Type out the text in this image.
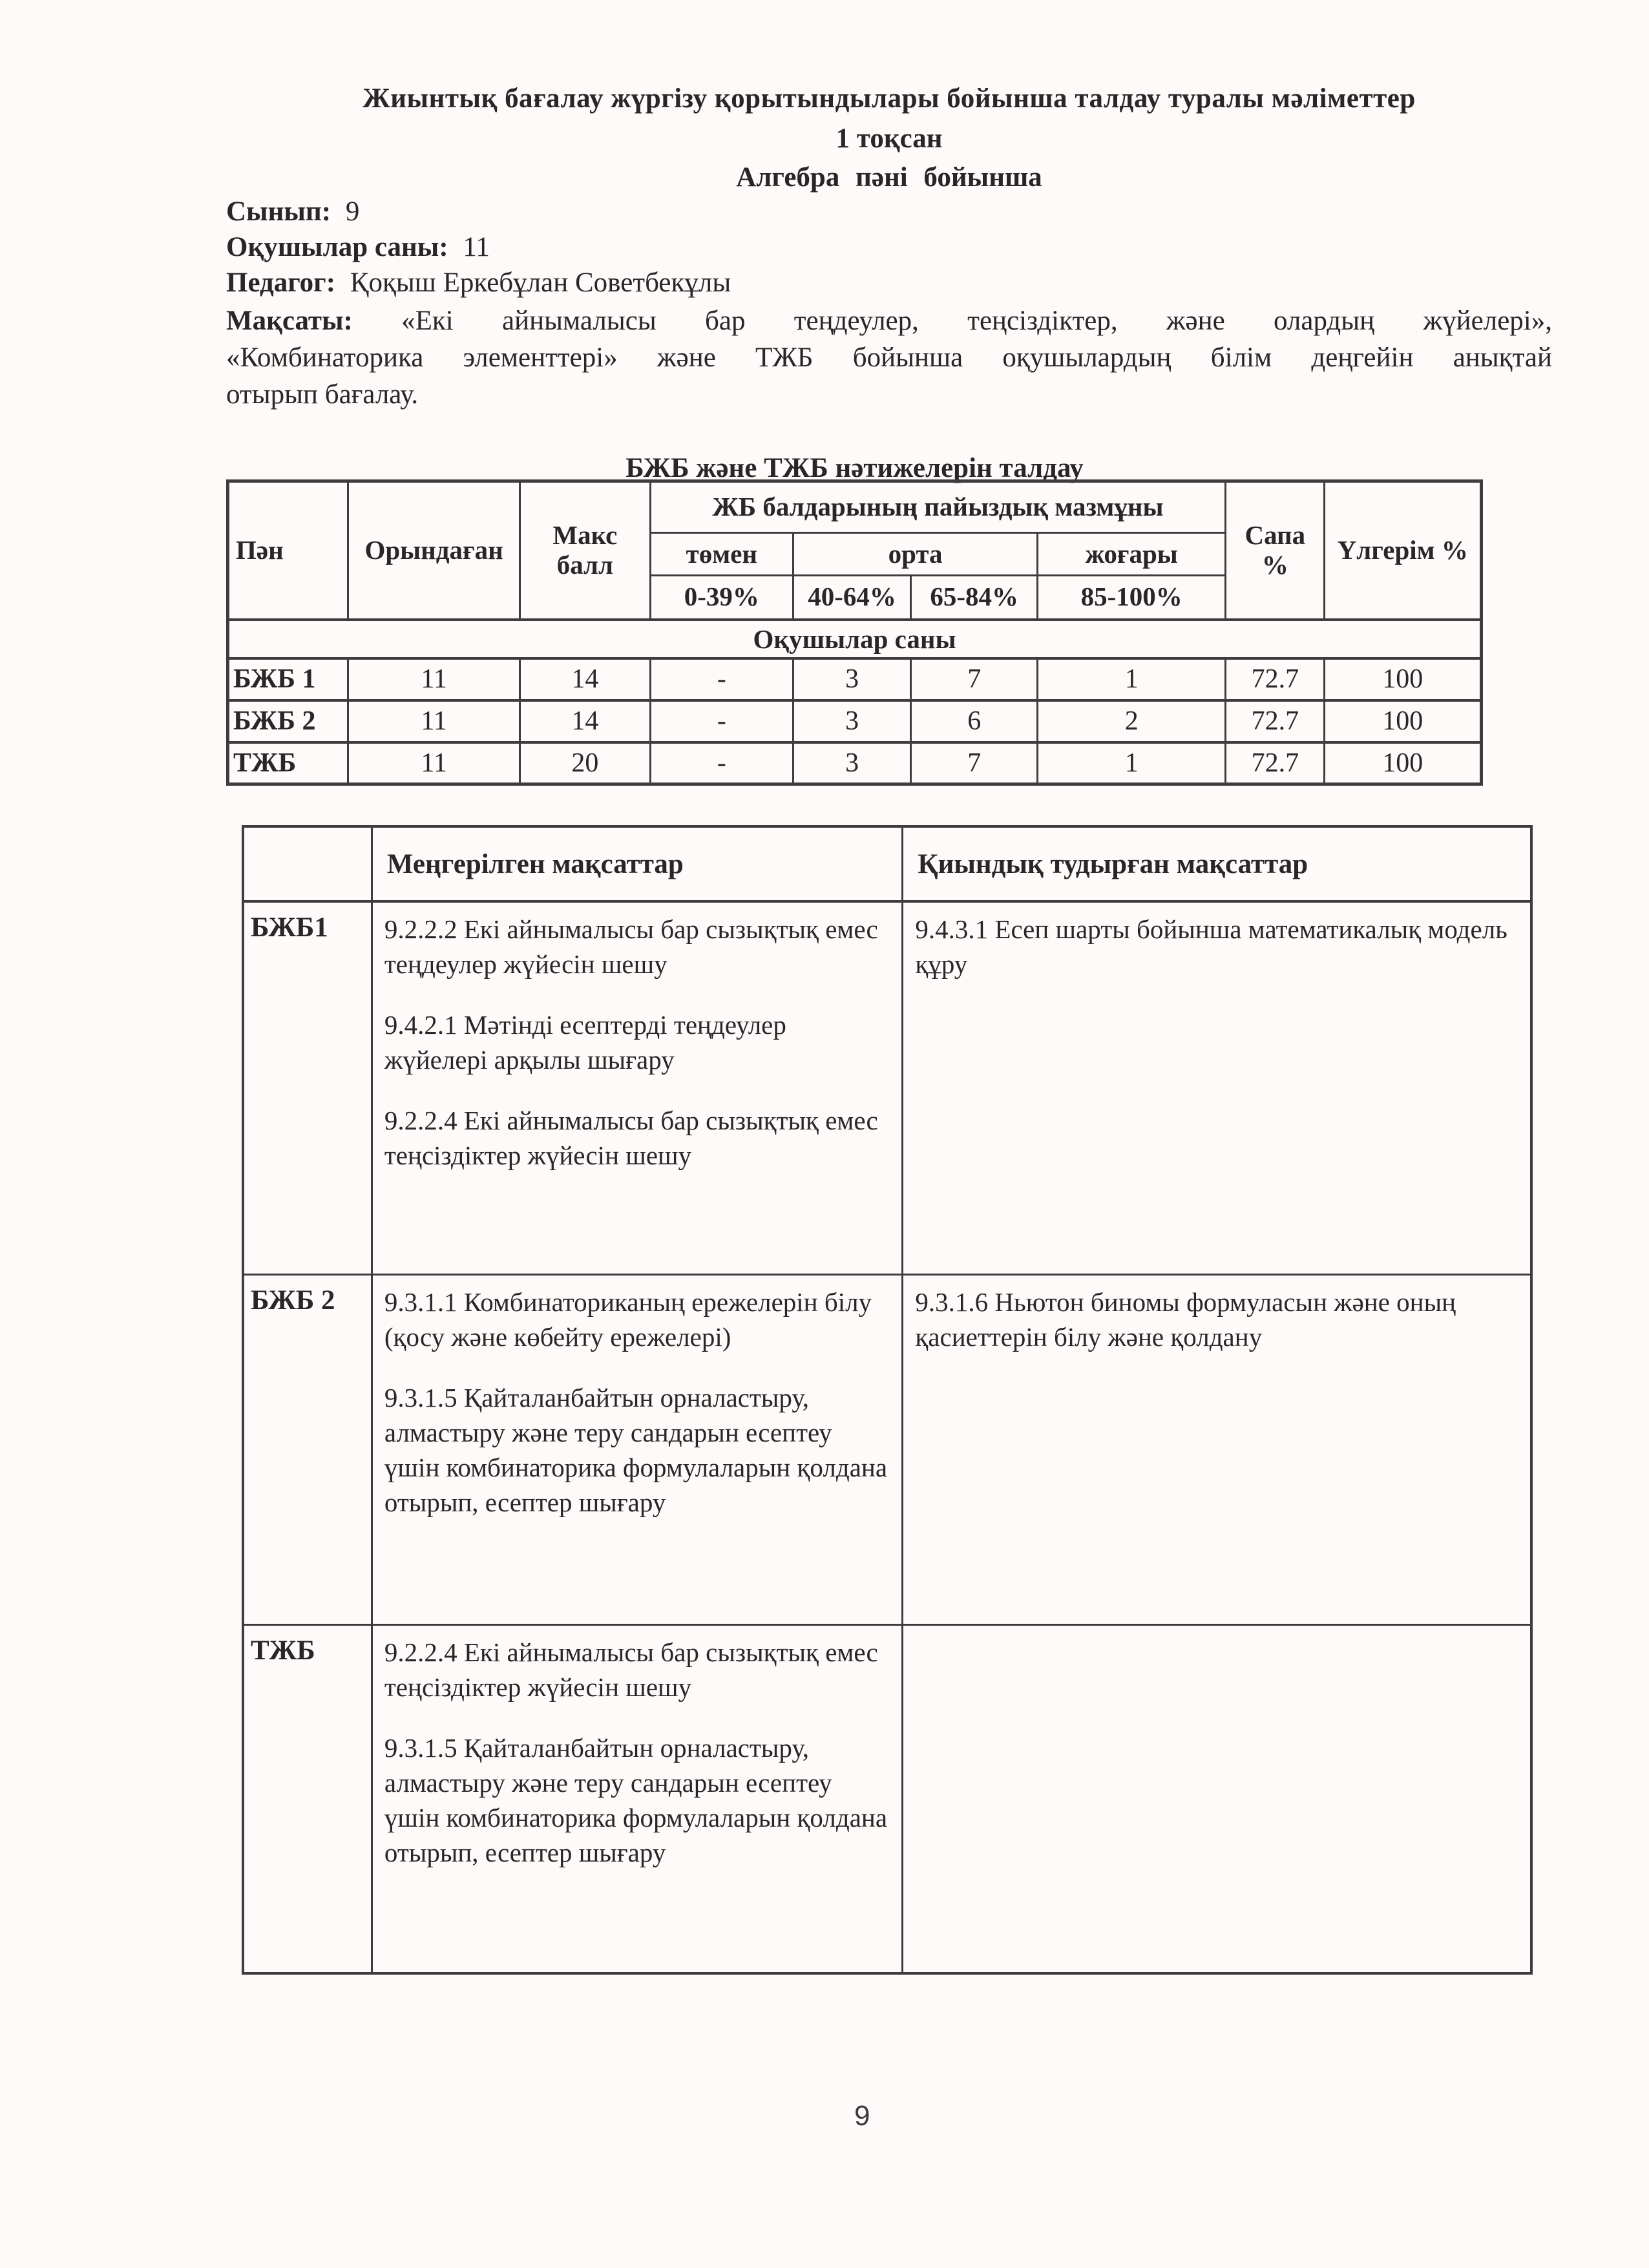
Жиынтық бағалау жүргізу қорытындылары бойынша талдау туралы мәліметтер
1 тоқсан
Алгебра пәні бойынша
Сынып: 9
Оқушылар саны: 11
Педагог: Қоқыш Еркебұлан Советбекұлы
Мақсаты: «Екі айнымалысы бар теңдеулер, теңсіздіктер, және олардың жүйелері»,
«Комбинаторика элементтері» және ТЖБ бойынша оқушылардың білім деңгейін анықтай
отырып бағалау.
БЖБ және ТЖБ нәтижелерін талдау
Пән	Орындаған	Макс балл	ЖБ балдарының пайыздық мазмұны				Сапа %	Үлгерім %
			төмен	орта		жоғары		
			0-39%	40-64%	65-84%	85-100%		
Оқушылар саны								
БЖБ 1	11	14	-	3	7	1	72.7	100
БЖБ 2	11	14	-	3	6	2	72.7	100
ТЖБ	11	20	-	3	7	1	72.7	100
	Меңгерілген мақсаттар	Қиындық тудырған мақсаттар
БЖБ1	9.2.2.2 Екі айнымалысы бар сызықтық емес теңдеулер жүйесін шешу

9.4.2.1 Мәтінді есептерді теңдеулер жүйелері арқылы шығару

9.2.2.4 Екі айнымалысы бар сызықтық емес теңсіздіктер жүйесін шешу	9.4.3.1 Есеп шарты бойынша математикалық модель құру

БЖБ 2	9.3.1.1 Комбинаториканың ережелерін білу (қосу және көбейту ережелері)

9.3.1.5 Қайталанбайтын орналастыру, алмастыру және теру сандарын есептеу үшін комбинаторика формулаларын қолдана отырып, есептер шығару	9.3.1.6 Ньютон биномы формуласын және оның қасиеттерін білу және қолдану

ТЖБ	9.2.2.4 Екі айнымалысы бар сызықтық емес теңсіздіктер жүйесін шешу

9.3.1.5 Қайталанбайтын орналастыру, алмастыру және теру сандарын есептеу үшін комбинаторика формулаларын қолдана отырып, есептер шығару	

9
